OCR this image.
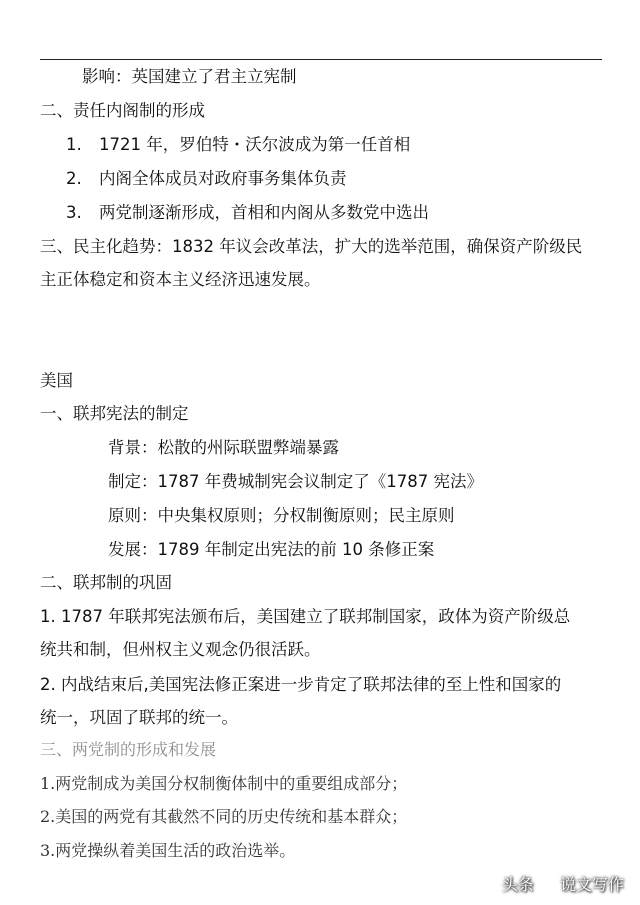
影响：英国建立了君主立宪制
二、责任内阁制的形成
1. 1721 年，罗伯特・沃尔波成为第一任首相
2. 内阁全体成员对政府事务集体负责
3. 两党制逐渐形成，首相和内阁从多数党中选出
三、民主化趋势：1832 年议会改革法，扩大的选举范围，确保资产阶级民
主正体稳定和资本主义经济迅速发展。
美国
一、联邦宪法的制定
背景：松散的州际联盟弊端暴露
制定：1787 年费城制宪会议制定了《1787 宪法》
原则：中央集权原则；分权制衡原则；民主原则
发展：1789 年制定出宪法的前 10 条修正案
二、联邦制的巩固
1. 1787 年联邦宪法颁布后，美国建立了联邦制国家，政体为资产阶级总
统共和制，但州权主义观念仍很活跃。
2. 内战结束后,美国宪法修正案进一步肯定了联邦法律的至上性和国家的
统一，巩固了联邦的统一。
三、两党制的形成和发展
1.两党制成为美国分权制衡体制中的重要组成部分；
2.美国的两党有其截然不同的历史传统和基本群众；
3.两党操纵着美国生活的政治选举。
头条 说文写作
